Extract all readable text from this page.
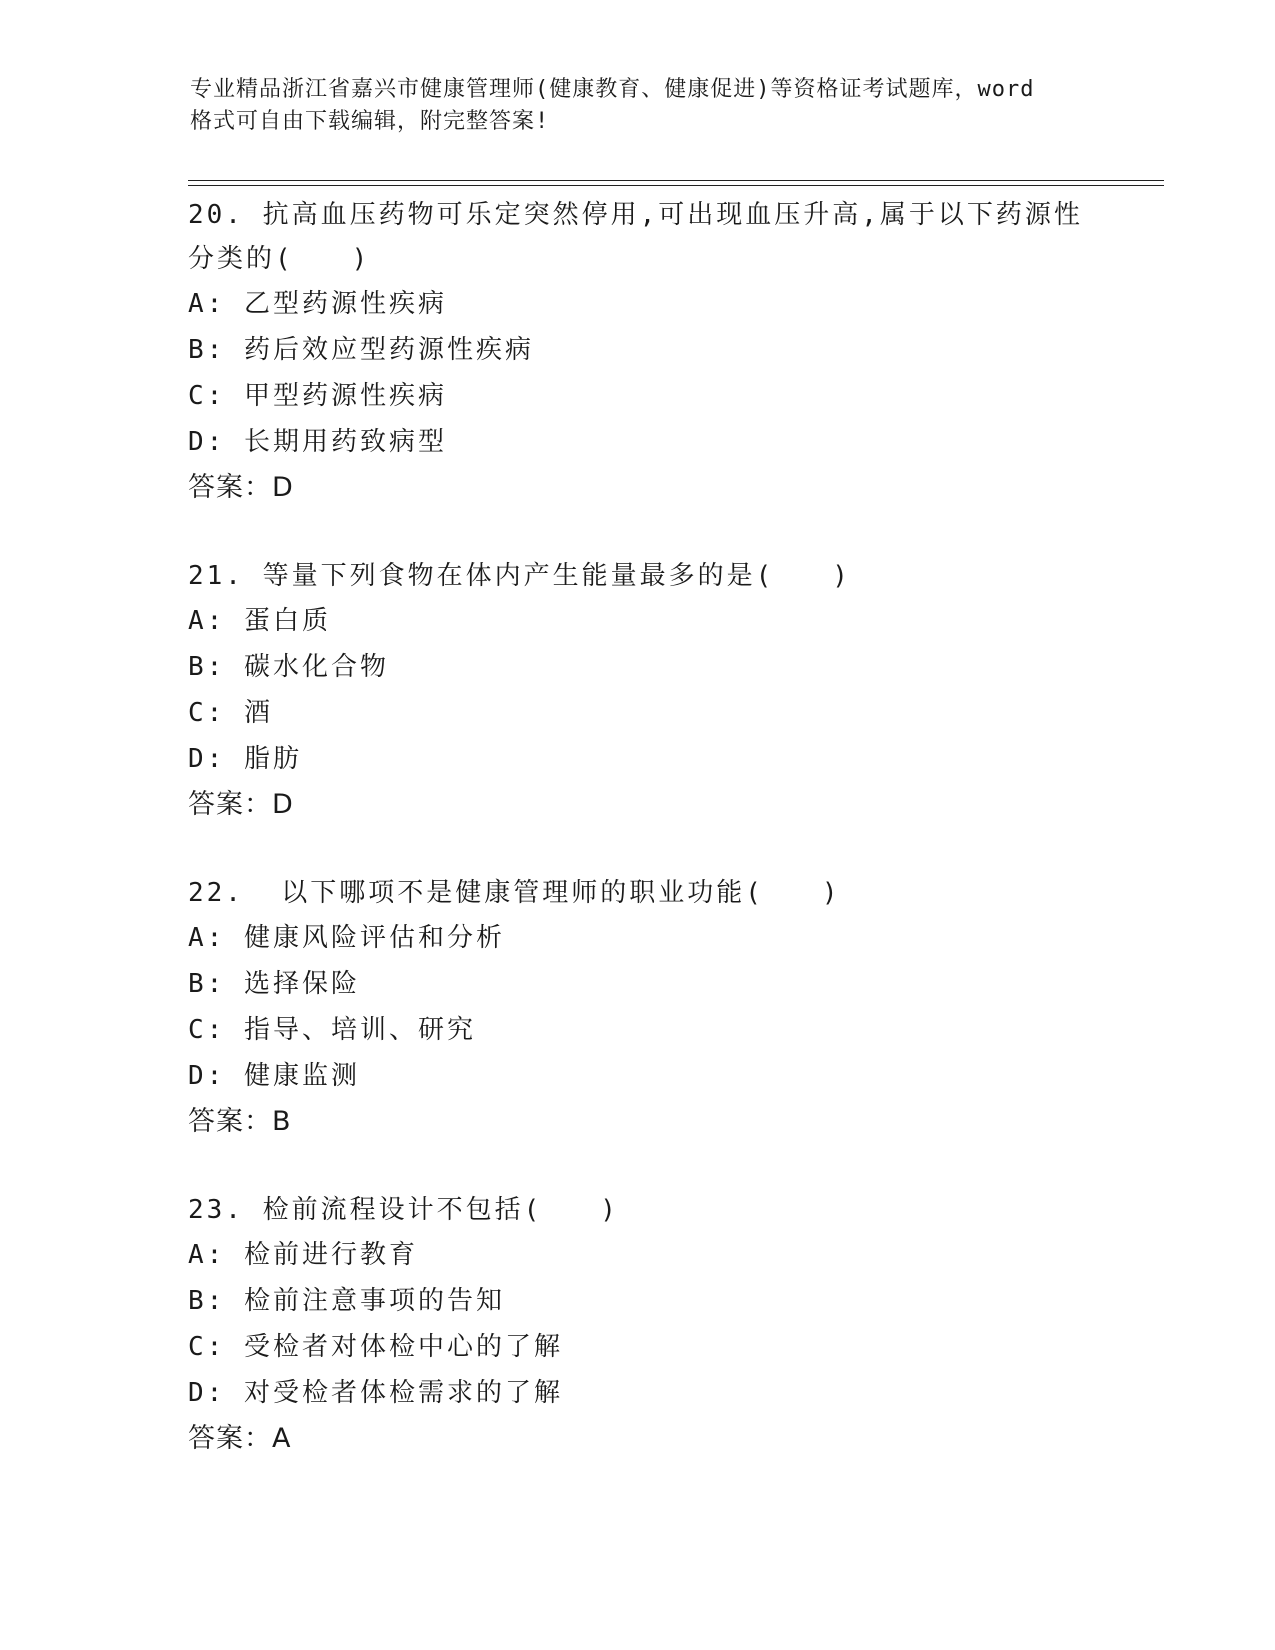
专业精品浙江省嘉兴市健康管理师(健康教育、健康促进)等资格证考试题库，word
格式可自由下载编辑，附完整答案!
20. 抗高血压药物可乐定突然停用,可出现血压升高,属于以下药源性
分类的(　　)
A: 乙型药源性疾病
B: 药后效应型药源性疾病
C: 甲型药源性疾病
D: 长期用药致病型
答案：D
21. 等量下列食物在体内产生能量最多的是(　　)
A: 蛋白质
B: 碳水化合物
C: 酒
D: 脂肪
答案：D
22.  以下哪项不是健康管理师的职业功能(　　)
A: 健康风险评估和分析
B: 选择保险
C: 指导、培训、研究
D: 健康监测
答案：B
23. 检前流程设计不包括(　　)
A: 检前进行教育
B: 检前注意事项的告知
C: 受检者对体检中心的了解
D: 对受检者体检需求的了解
答案：A
